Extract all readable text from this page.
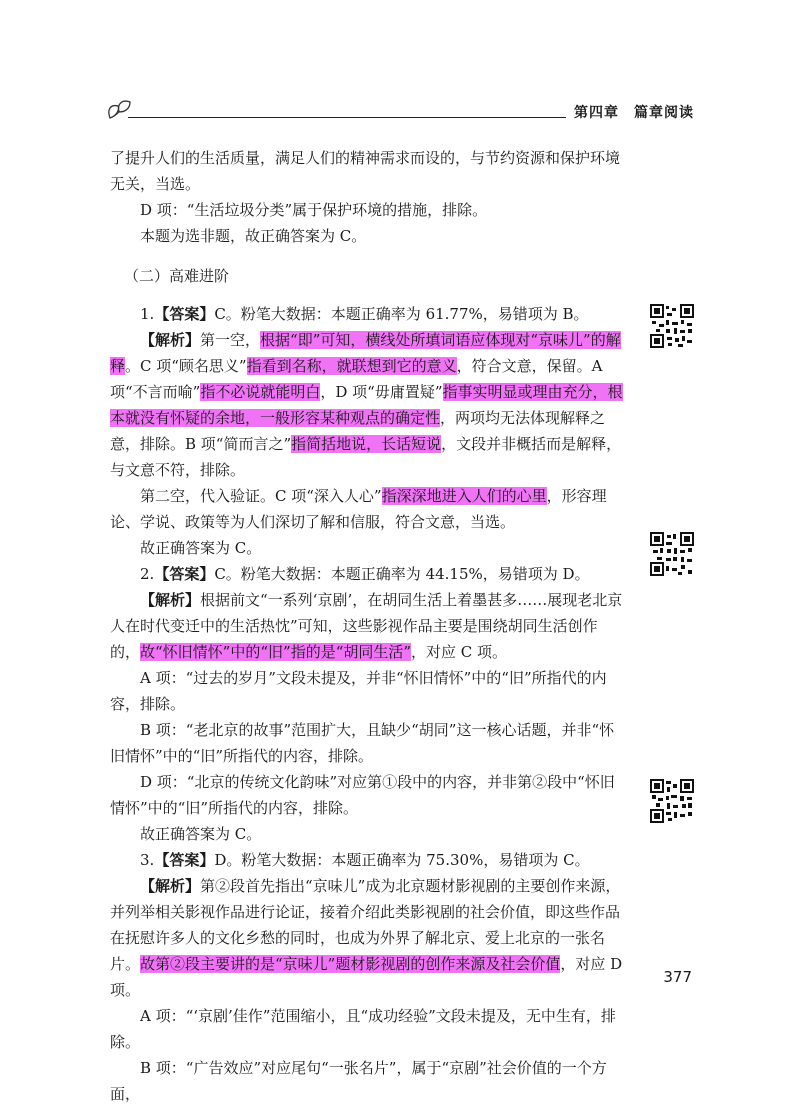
第四章　篇章阅读

了提升人们的生活质量，满足人们的精神需求而设的，与节约资源和保护环境无关，当选。

D 项：“生活垃圾分类”属于保护环境的措施，排除。

本题为选非题，故正确答案为 C。

（二）高难进阶

1.【答案】C。粉笔大数据：本题正确率为 61.77%，易错项为 B。

【解析】第一空，根据“即”可知，横线处所填词语应体现对“京味儿”的解释。C 项“顾名思义”指看到名称，就联想到它的意义，符合文意，保留。A 项“不言而喻”指不必说就能明白，D 项“毋庸置疑”指事实明显或理由充分，根本就没有怀疑的余地，一般形容某种观点的确定性，两项均无法体现解释之意，排除。B 项“简而言之”指简括地说，长话短说，文段并非概括而是解释，与文意不符，排除。

第二空，代入验证。C 项“深入人心”指深深地进入人们的心里，形容理论、学说、政策等为人们深切了解和信服，符合文意，当选。

故正确答案为 C。

2.【答案】C。粉笔大数据：本题正确率为 44.15%，易错项为 D。

【解析】根据前文“一系列‘京剧’，在胡同生活上着墨甚多……展现老北京人在时代变迁中的生活热忱”可知，这些影视作品主要是围绕胡同生活创作的，故“怀旧情怀”中的“旧”指的是“胡同生活”，对应 C 项。

A 项：“过去的岁月”文段未提及，并非“怀旧情怀”中的“旧”所指代的内容，排除。

B 项：“老北京的故事”范围扩大，且缺少“胡同”这一核心话题，并非“怀旧情怀”中的“旧”所指代的内容，排除。

D 项：“北京的传统文化韵味”对应第①段中的内容，并非第②段中“怀旧情怀”中的“旧”所指代的内容，排除。

故正确答案为 C。

3.【答案】D。粉笔大数据：本题正确率为 75.30%，易错项为 C。

【解析】第②段首先指出“京味儿”成为北京题材影视剧的主要创作来源，并列举相关影视作品进行论证，接着介绍此类影视剧的社会价值，即这些作品在抚慰许多人的文化乡愁的同时，也成为外界了解北京、爱上北京的一张名片。故第②段主要讲的是“京味儿”题材影视剧的创作来源及社会价值，对应 D 项。

A 项：“‘京剧’佳作”范围缩小，且“成功经验”文段未提及，无中生有，排除。

B 项：“广告效应”对应尾句“一张名片”，属于“京剧”社会价值的一个方面，

377
